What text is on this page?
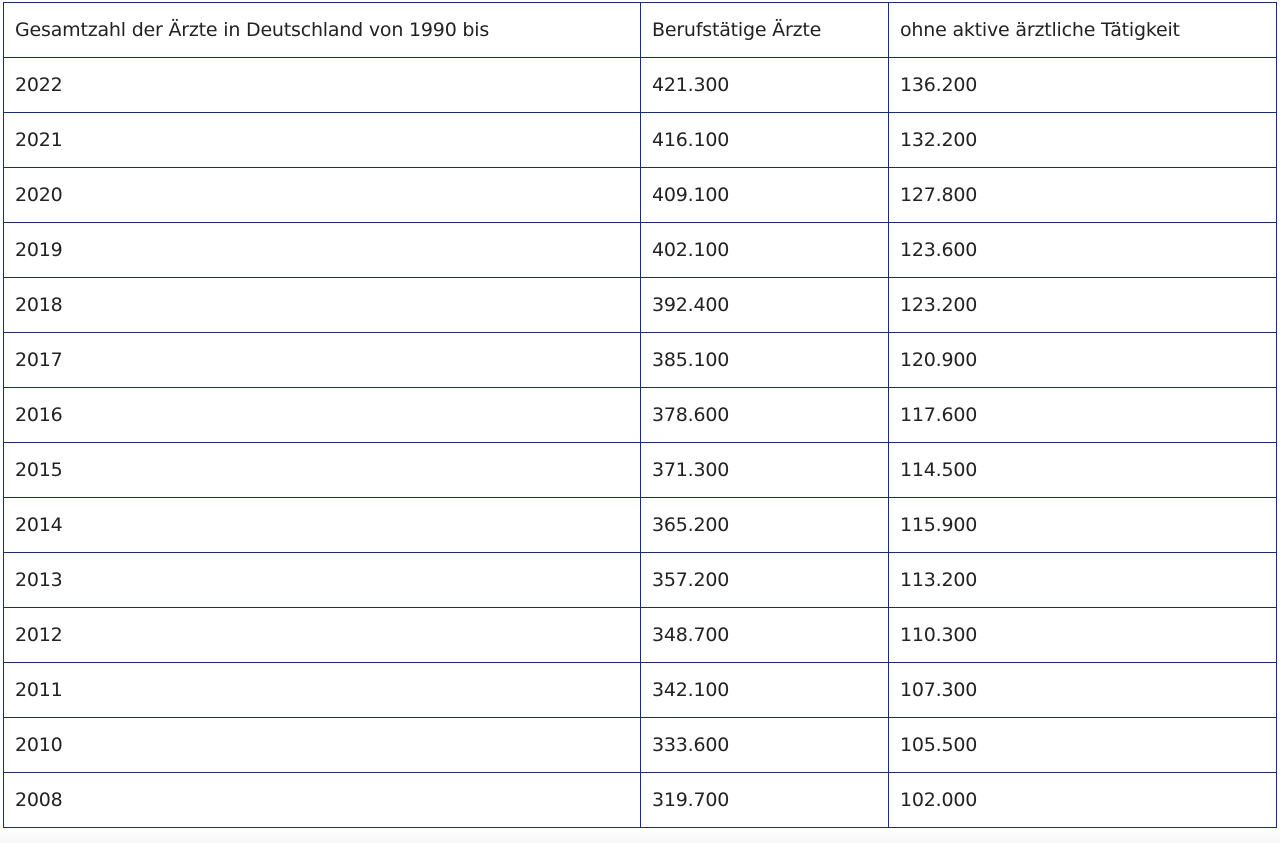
Gesamtzahl der Ärzte in Deutschland von 1990 bis	Berufstätige Ärzte	ohne aktive ärztliche Tätigkeit
2022	421.300	136.200
2021	416.100	132.200
2020	409.100	127.800
2019	402.100	123.600
2018	392.400	123.200
2017	385.100	120.900
2016	378.600	117.600
2015	371.300	114.500
2014	365.200	115.900
2013	357.200	113.200
2012	348.700	110.300
2011	342.100	107.300
2010	333.600	105.500
2008	319.700	102.000
